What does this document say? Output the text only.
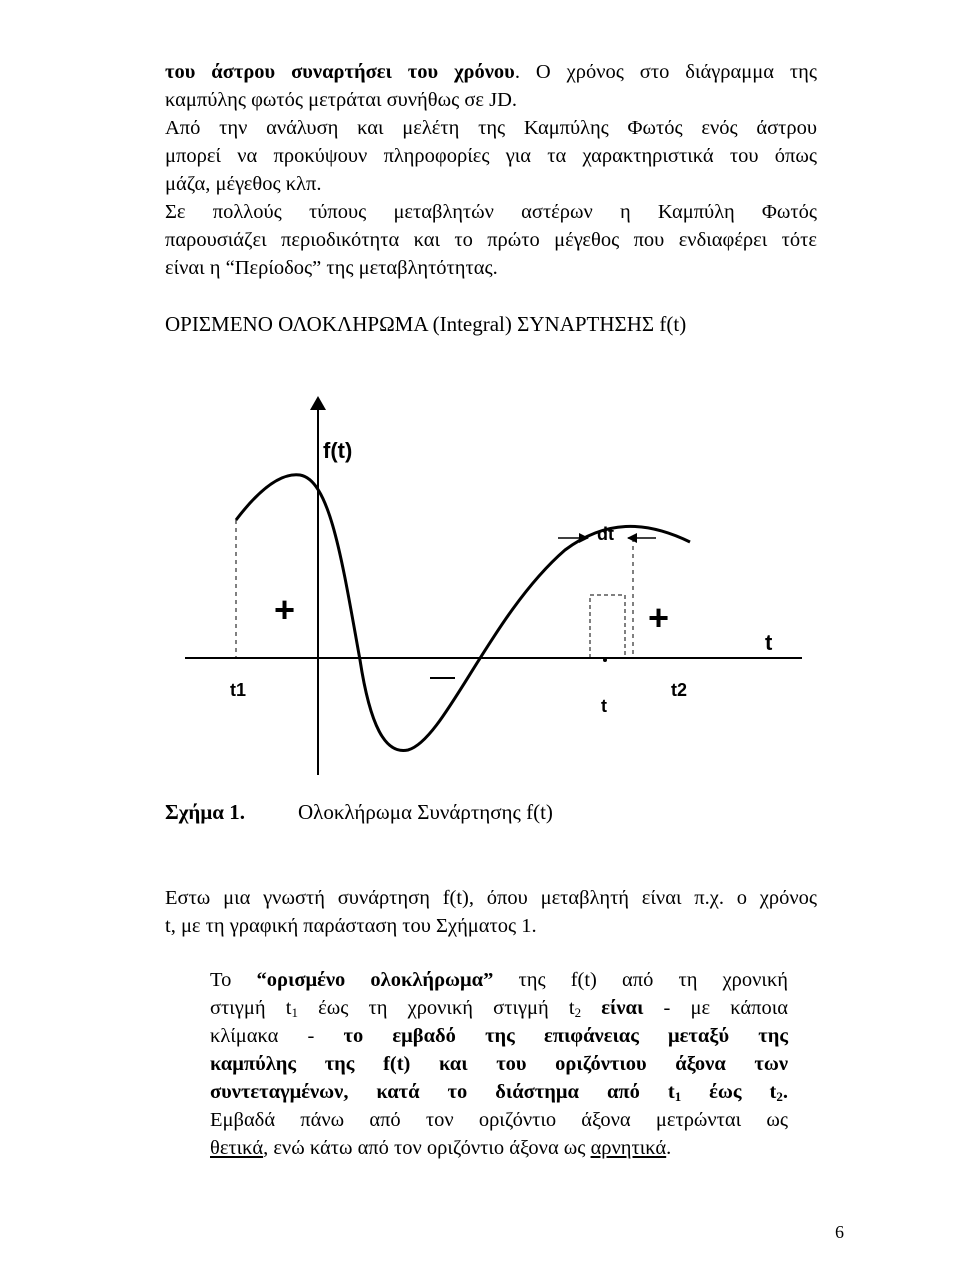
του άστρου συναρτήσει του χρόνου. Ο χρόνος στο διάγραμμα της
καμπύλης φωτός μετράται συνήθως σε JD.
Από την ανάλυση και μελέτη της Καμπύλης Φωτός ενός άστρου
μπορεί να προκύψουν πληροφορίες για τα χαρακτηριστικά του όπως
μάζα, μέγεθος κλπ.
Σε πολλούς τύπους μεταβλητών αστέρων η Καμπύλη Φωτός
παρουσιάζει περιοδικότητα και το πρώτο μέγεθος που ενδιαφέρει τότε
είναι η “Περίοδος” της μεταβλητότητας.
ΟΡΙΣΜΕΝΟ ΟΛΟΚΛΗΡΩΜΑ (Integral) ΣΥΝΑΡΤΗΣΗΣ f(t)
f(t)
dt
+	+
t
t1
t
t2
Σχήμα 1.	Ολοκλήρωμα Συνάρτησης f(t)
Εστω μια γνωστή συνάρτηση f(t), όπου μεταβλητή είναι π.χ. ο χρόνος
t, με τη γραφική παράσταση του Σχήματος 1.
Το “ορισμένο ολοκλήρωμα” της f(t) από τη χρονική
στιγμή $t_1$ έως τη χρονική στιγμή $t_2$ είναι - με κάποια
κλίμακα - το εμβαδό της επιφάνειας μεταξύ της
καμπύλης της f(t) και του οριζόντιου άξονα των
συντεταγμένων, κατά το διάστημα από $t_1$ έως $t_2$.
Εμβαδά πάνω από τον οριζόντιο άξονα μετρώνται ως
θετικά, ενώ κάτω από τον οριζόντιο άξονα ως αρνητικά.
6
